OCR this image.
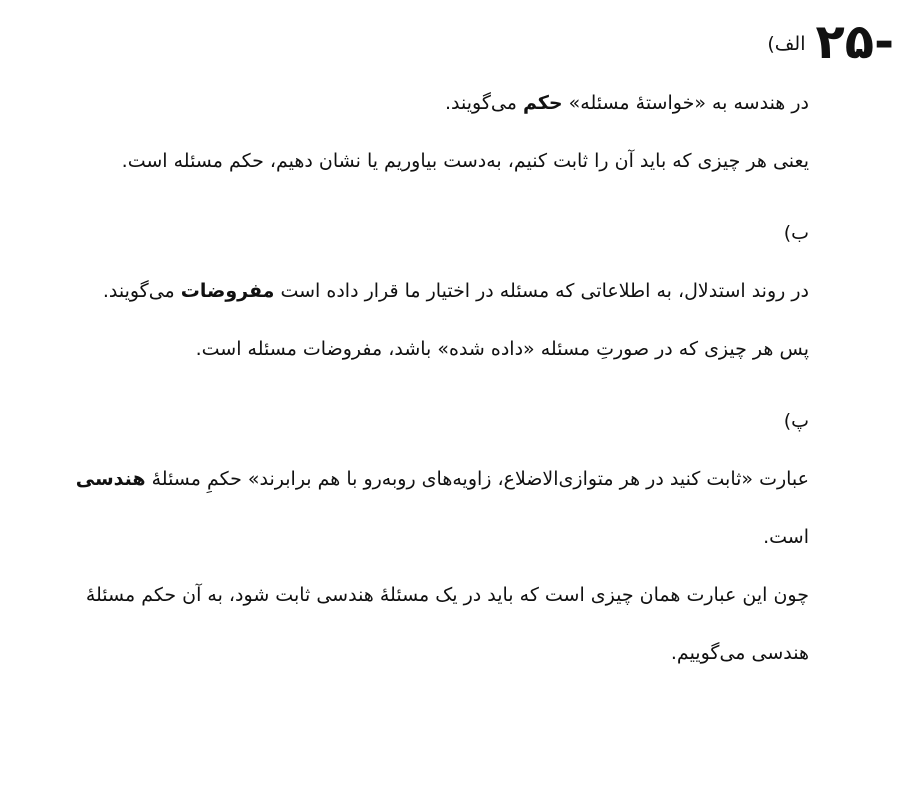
-
۲۵
الف)

در هندسه به «خواستهٔ مسئله» حکم می‌گویند.

یعنی هر چیزی که باید آن را ثابت کنیم، به‌دست بیاوریم یا نشان دهیم، حکم مسئله است.

ب)

در روند استدلال، به اطلاعاتی که مسئله در اختیار ما قرار داده است مفروضات می‌گویند.

پس هر چیزی که در صورتِ مسئله «داده شده» باشد، مفروضات مسئله است.

پ)

عبارت «ثابت کنید در هر متوازی‌الاضلاع، زاویه‌های روبه‌رو با هم برابرند» حکمِ مسئلهٔ هندسی است.

چون این عبارت همان چیزی است که باید در یک مسئلهٔ هندسی ثابت شود، به آن حکم مسئلهٔ هندسی می‌گوییم.
